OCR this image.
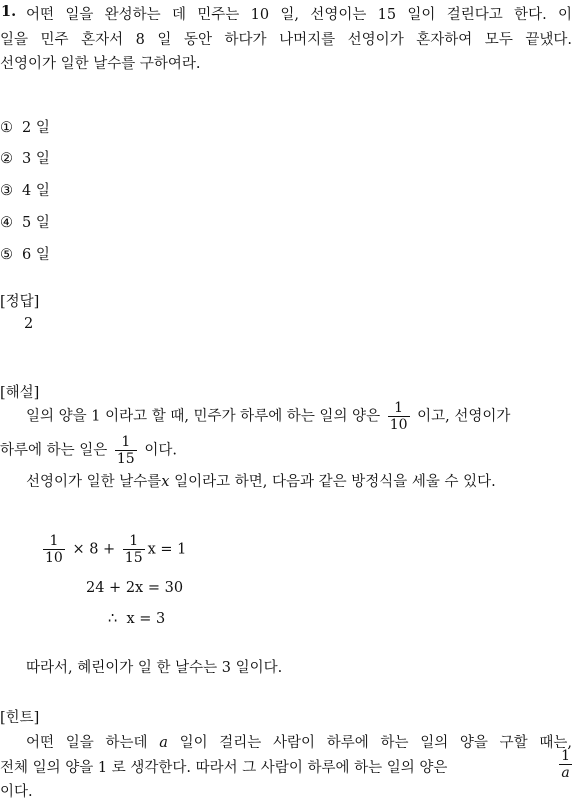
1. 어떤 일을 완성하는 데 민주는 10 일, 선영이는 15 일이 걸린다고 한다. 이
일을 민주 혼자서 8 일 동안 하다가 나머지를 선영이가 혼자하여 모두 끝냈다.
선영이가 일한 날수를 구하여라.
① 2 일
② 3 일
③ 4 일
④ 5 일
⑤ 6 일
[정답]
2
[해설]
일의 양을 1 이라고 할 때, 민주가 하루에 하는 일의 양은 $\frac{1}{10}$ 이고, 선영이가
하루에 하는 일은 $\frac{1}{15}$ 이다.
선영이가 일한 날수를x 일이라고 하면, 다음과 같은 방정식을 세울 수 있다.
$\frac{1}{10} \times 8 + \frac{1}{15}$ x = 1
24 + 2x = 30
∴ x = 3
따라서, 혜린이가 일 한 날수는 3 일이다.
[힌트]
어떤 일을 하는데 a 일이 걸리는 사람이 하루에 하는 일의 양을 구할 때는,
전체 일의 양을 1 로 생각한다. 따라서 그 사람이 하루에 하는 일의 양은	$\frac{1}{a}$
이다.
